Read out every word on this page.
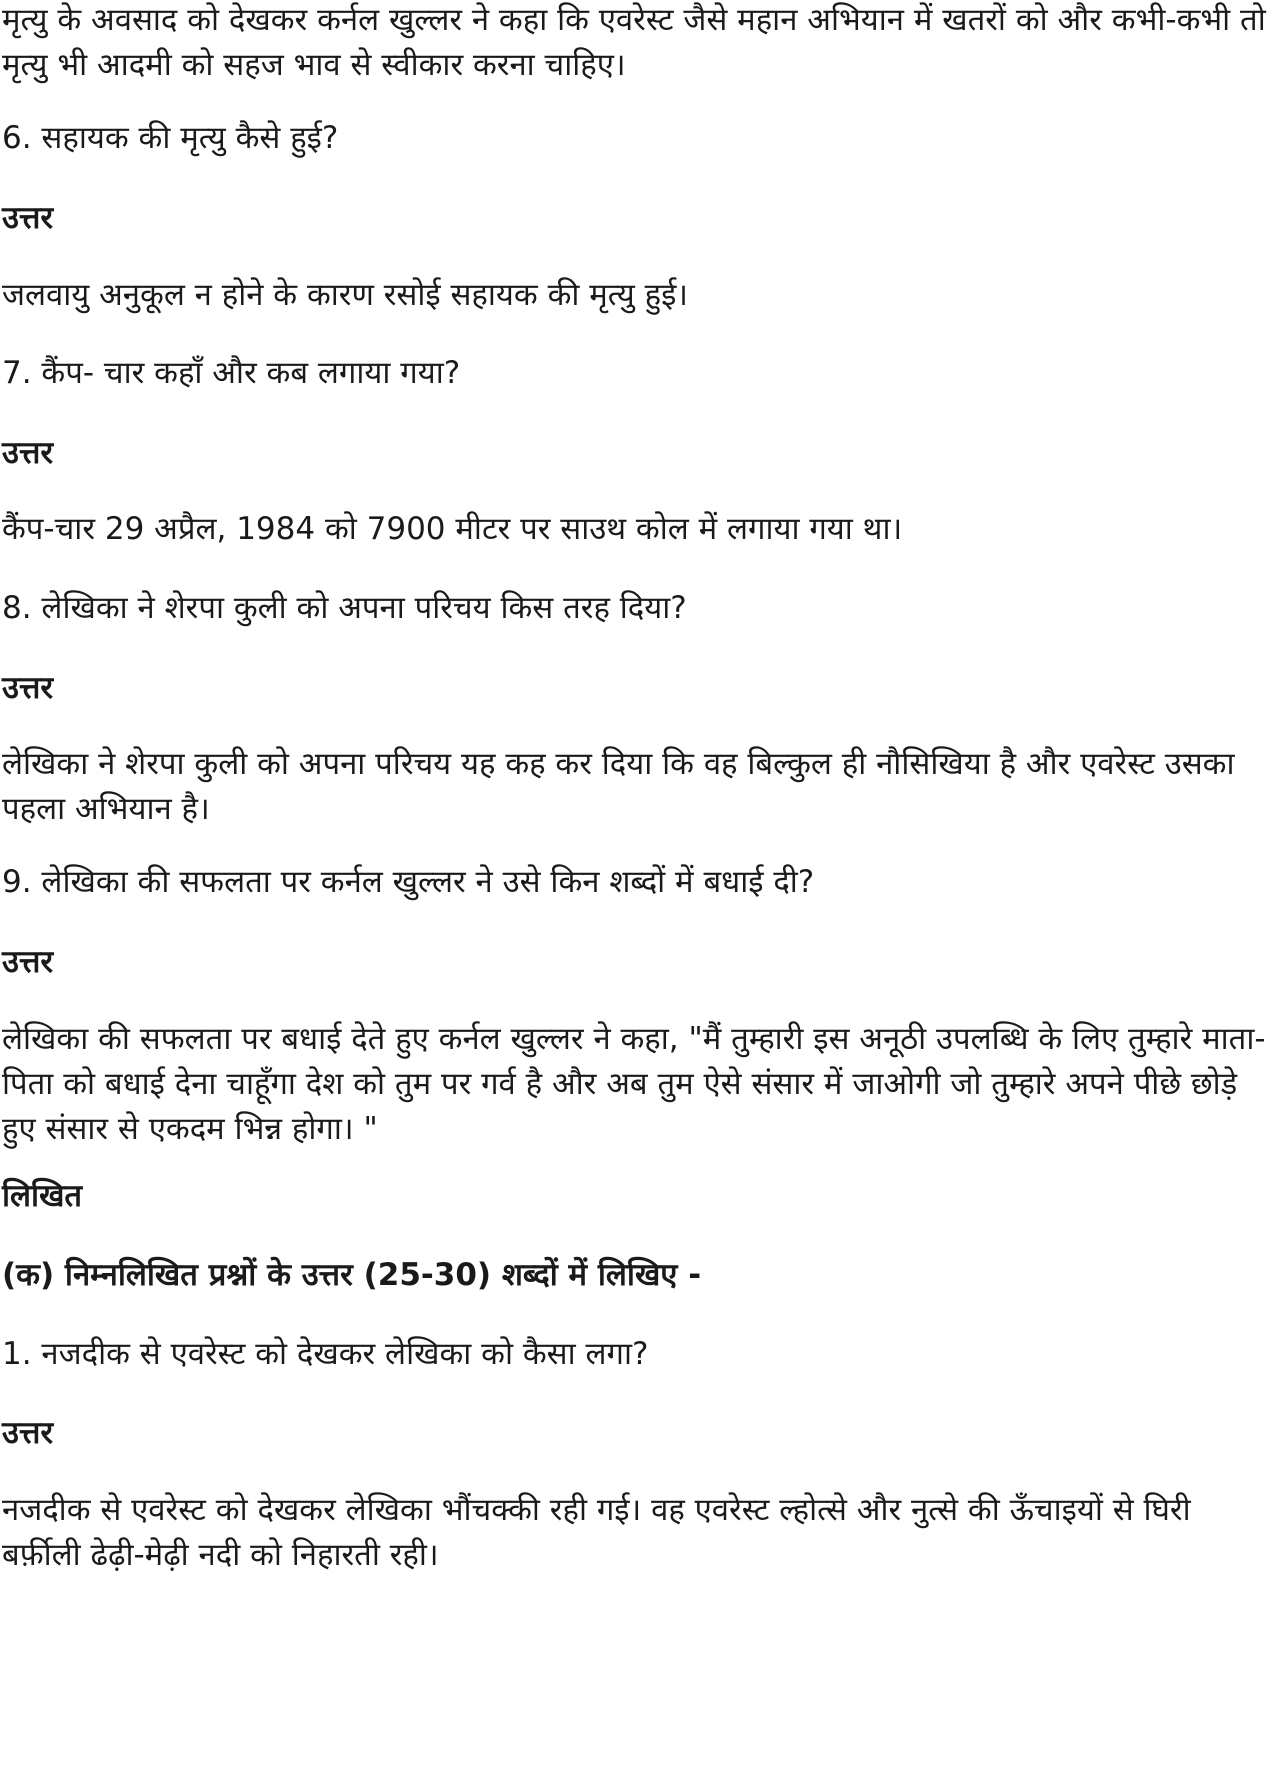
मृत्यु के अवसाद को देखकर कर्नल खुल्लर ने कहा कि एवरेस्ट जैसे महान अभियान में खतरों को और कभी-कभी तो मृत्यु भी आदमी को सहज भाव से स्वीकार करना चाहिए।

6. सहायक की मृत्यु कैसे हुई?

उत्तर

जलवायु अनुकूल न होने के कारण रसोई सहायक की मृत्यु हुई।

7. कैंप- चार कहाँ और कब लगाया गया?

उत्तर

कैंप-चार 29 अप्रैल, 1984 को 7900 मीटर पर साउथ कोल में लगाया गया था।

8. लेखिका ने शेरपा कुली को अपना परिचय किस तरह दिया?

उत्तर

लेखिका ने शेरपा कुली को अपना परिचय यह कह कर दिया कि वह बिल्कुल ही नौसिखिया है और एवरेस्ट उसका पहला अभियान है।

9. लेखिका की सफलता पर कर्नल खुल्लर ने उसे किन शब्दों में बधाई दी?

उत्तर

लेखिका की सफलता पर बधाई देते हुए कर्नल खुल्लर ने कहा, "मैं तुम्हारी इस अनूठी उपलब्धि के लिए तुम्हारे माता-पिता को बधाई देना चाहूँगा देश को तुम पर गर्व है और अब तुम ऐसे संसार में जाओगी जो तुम्हारे अपने पीछे छोड़े हुए संसार से एकदम भिन्न होगा। "

लिखित

(क) निम्नलिखित प्रश्नों के उत्तर (25-30) शब्दों में लिखिए -

1. नजदीक से एवरेस्ट को देखकर लेखिका को कैसा लगा?

उत्तर

नजदीक से एवरेस्ट को देखकर लेखिका भौंचक्की रही गई। वह एवरेस्ट ल्होत्से और नुत्से की ऊँचाइयों से घिरी बर्फ़ीली ढेढ़ी-मेढ़ी नदी को निहारती रही।
